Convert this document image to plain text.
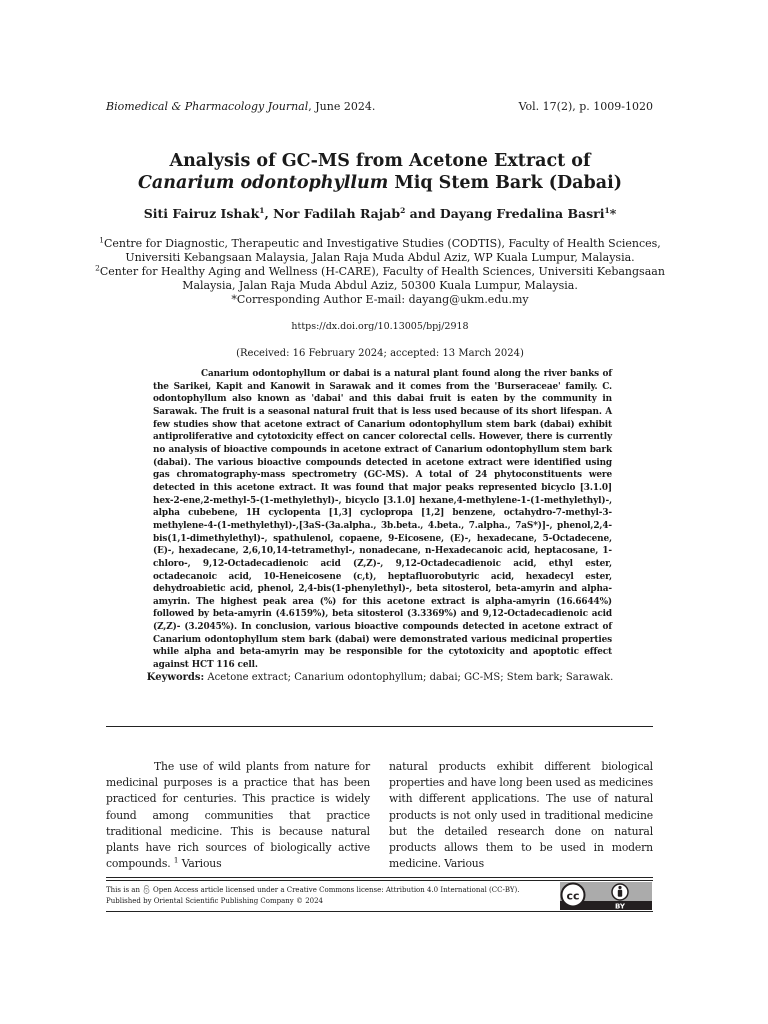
Biomedical & Pharmacology Journal, June 2024.	Vol. 17(2), p. 1009-1020
Analysis of GC-MS from Acetone Extract of
Canarium odontophyllum Miq Stem Bark (Dabai)
Siti Fairuz Ishak$^1$, Nor Fadilah Rajab$^2$ and Dayang Fredalina Basri$^1$*
$^1$Centre for Diagnostic, Therapeutic and Investigative Studies (CODTIS), Faculty of Health Sciences,
Universiti Kebangsaan Malaysia, Jalan Raja Muda Abdul Aziz, WP Kuala Lumpur, Malaysia.
$^2$Center for Healthy Aging and Wellness (H-CARE), Faculty of Health Sciences, Universiti Kebangsaan
Malaysia, Jalan Raja Muda Abdul Aziz, 50300 Kuala Lumpur, Malaysia.
*Corresponding Author E-mail: dayang@ukm.edu.my
https://dx.doi.org/10.13005/bpj/2918
(Received: 16 February 2024; accepted: 13 March 2024)
Canarium odontophyllum or dabai is a natural plant found along the river banks of the Sarikei, Kapit and Kanowit in Sarawak and it comes from the 'Burseraceae' family. C. odontophyllum also known as 'dabai' and this dabai fruit is eaten by the community in Sarawak. The fruit is a seasonal natural fruit that is less used because of its short lifespan. A few studies show that acetone extract of Canarium odontophyllum stem bark (dabai) exhibit antiproliferative and cytotoxicity effect on cancer colorectal cells. However, there is currently no analysis of bioactive compounds in acetone extract of Canarium odontophyllum stem bark (dabai). The various bioactive compounds detected in acetone extract were identified using gas chromatography-mass spectrometry (GC-MS). A total of 24 phytoconstituents were detected in this acetone extract. It was found that major peaks represented bicyclo [3.1.0] hex-2-ene,2-methyl-5-(1-methylethyl)-, bicyclo [3.1.0] hexane,4-methylene-1-(1-methylethyl)-, alpha cubebene, 1H cyclopenta [1,3] cyclopropa [1,2] benzene, octahydro-7-methyl-3-methylene-4-(1-methylethyl)-,[3aS-(3a.alpha., 3b.beta., 4.beta., 7.alpha., 7aS*)]-, phenol,2,4-bis(1,1-dimethylethyl)-, spathulenol, copaene, 9-Eicosene, (E)-, hexadecane, 5-Octadecene, (E)-, hexadecane, 2,6,10,14-tetramethyl-, nonadecane, n-Hexadecanoic acid, heptacosane, 1-chloro-, 9,12-Octadecadienoic acid (Z,Z)-, 9,12-Octadecadienoic acid, ethyl ester, octadecanoic acid, 10-Heneicosene (c,t), heptafluorobutyric acid, hexadecyl ester, dehydroabietic acid, phenol, 2,4-bis(1-phenylethyl)-, beta sitosterol, beta-amyrin and alpha-amyrin. The highest peak area (%) for this acetone extract is alpha-amyrin (16.6644%) followed by beta-amyrin (4.6159%), beta sitosterol (3.3369%) and 9,12-Octadecadienoic acid (Z,Z)- (3.2045%). In conclusion, various bioactive compounds detected in acetone extract of Canarium odontophyllum stem bark (dabai) were demonstrated various medicinal properties while alpha and beta-amyrin may be responsible for the cytotoxicity and apoptotic effect against HCT 116 cell.
Keywords: Acetone extract; Canarium odontophyllum; dabai; GC-MS; Stem bark; Sarawak.
The use of wild plants from nature for medicinal purposes is a practice that has been practiced for centuries. This practice is widely found among communities that practice traditional medicine. This is because natural plants have rich sources of biologically active compounds. $^1$ Various
natural products exhibit different biological properties and have long been used as medicines with different applications. The use of natural products is not only used in traditional medicine but the detailed research done on natural products allows them to be used in modern medicine. Various
This is an Open Access article licensed under a Creative Commons license: Attribution 4.0 International (CC-BY).
Published by Oriental Scientific Publishing Company © 2024	cc
BY
